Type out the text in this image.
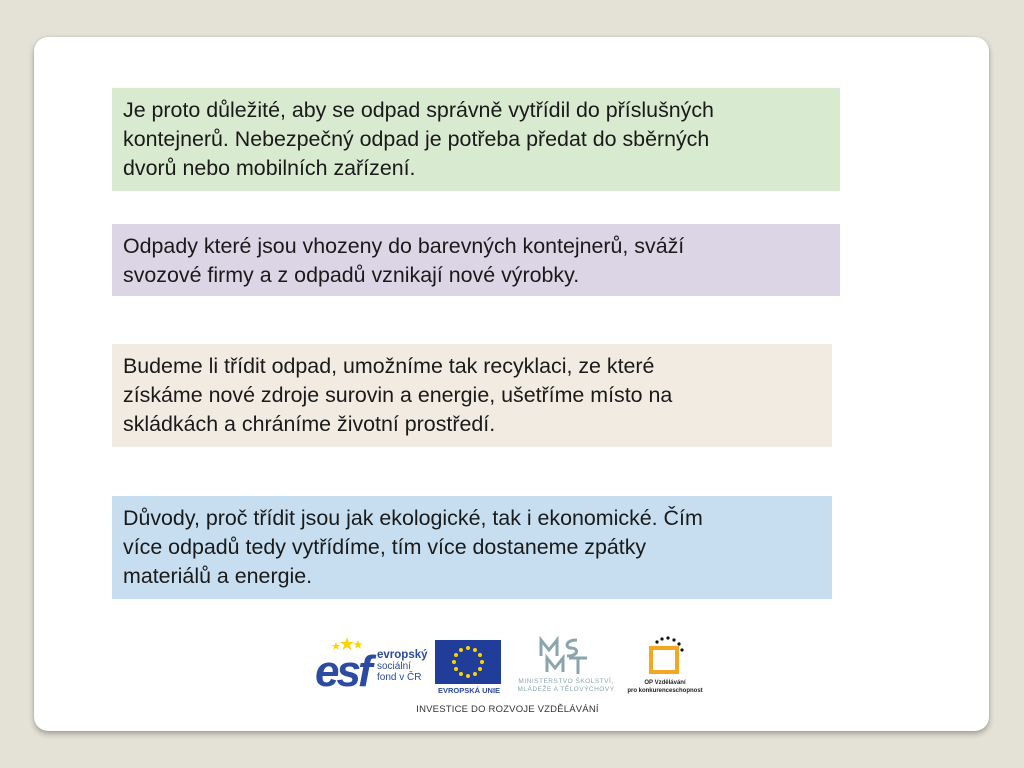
Je proto důležité, aby se odpad správně vytřídil do příslušných
kontejnerů. Nebezpečný odpad je potřeba předat do sběrných
dvorů nebo mobilních zařízení.
Odpady které jsou vhozeny do barevných kontejnerů, sváží
svozové firmy a z odpadů vznikají nové výrobky.
Budeme li třídit odpad, umožníme tak recyklaci, ze které
získáme nové zdroje surovin a energie, ušetříme místo na
skládkách a chráníme životní prostředí.
Důvody, proč třídit jsou jak ekologické, tak i ekonomické. Čím
více odpadů tedy vytřídíme, tím více dostaneme zpátky
materiálů a energie.
esf evropský
sociální
fond v ČR
EVROPSKÁ UNIE
MINISTERSTVO ŠKOLSTVÍ,
MLÁDEŽE A TĚLOVÝCHOVY
OP Vzdělávání
pro konkurenceschopnost
INVESTICE DO ROZVOJE VZDĚLÁVÁNÍ
